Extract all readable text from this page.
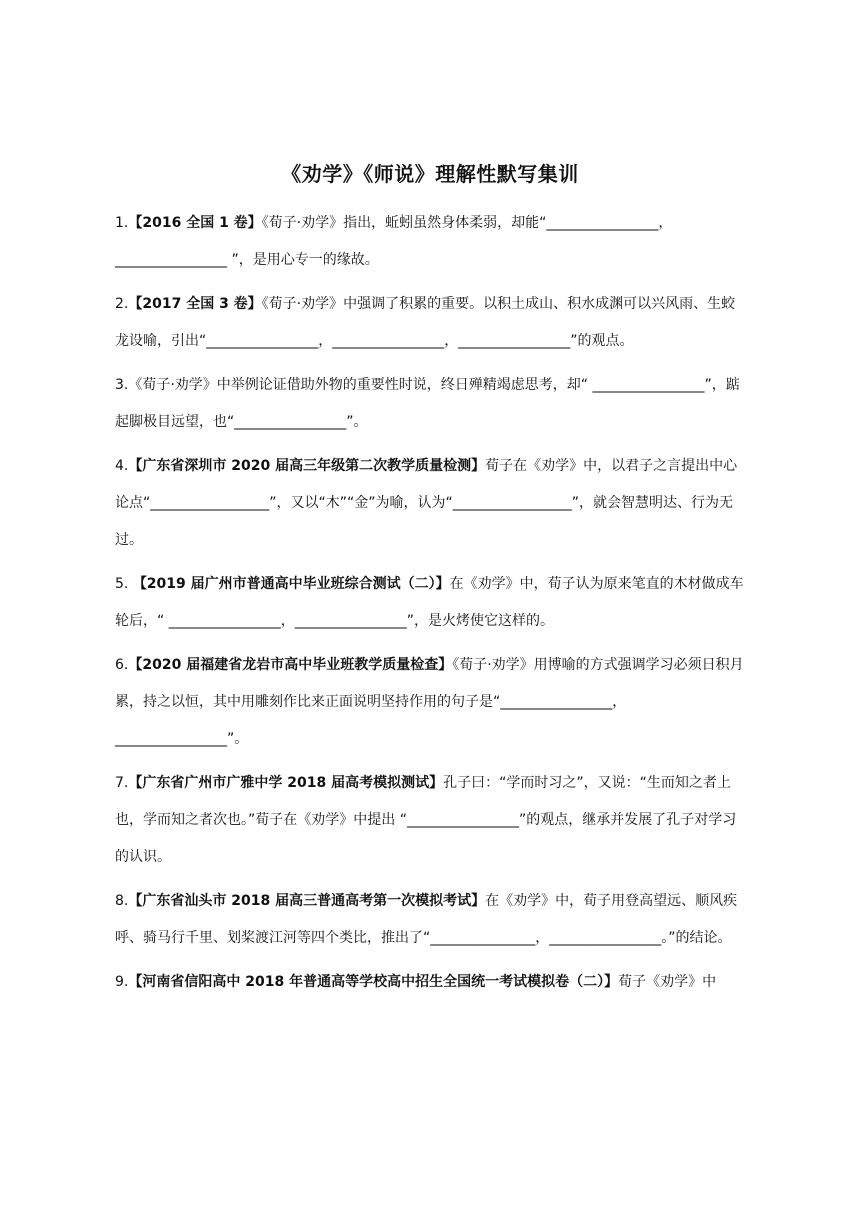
《劝学》《师说》理解性默写集训
1.【2016 全国 1 卷】《荀子·劝学》指出，蚯蚓虽然身体柔弱，却能“________________，________________ ”，是用心专一的缘故。
2.【2017 全国 3 卷】《荀子·劝学》中强调了积累的重要。以积土成山、积水成渊可以兴风雨、生蛟龙设喻，引出“________________，________________，________________”的观点。
3.《荀子·劝学》中举例论证借助外物的重要性时说，终日殚精竭虑思考，却“ ________________”，踮起脚极目远望，也“________________”。
4.【广东省深圳市 2020 届高三年级第二次教学质量检测】荀子在《劝学》中，以君子之言提出中心论点“_________________”，又以“木”“金”为喻，认为“_________________”，就会智慧明达、行为无过。
5. 【2019 届广州市普通高中毕业班综合测试（二）】在《劝学》中，荀子认为原来笔直的木材做成车轮后，“ ________________，________________”，是火烤使它这样的。
6.【2020 届福建省龙岩市高中毕业班教学质量检查】《荀子·劝学》用博喻的方式强调学习必须日积月累，持之以恒，其中用雕刻作比来正面说明坚持作用的句子是“________________，________________”。
7.【广东省广州市广雅中学 2018 届高考模拟测试】孔子曰：“学而时习之”，又说：“生而知之者上也，学而知之者次也。”荀子在《劝学》中提出 “________________”的观点，继承并发展了孔子对学习的认识。
8.【广东省汕头市 2018 届高三普通高考第一次模拟考试】在《劝学》中，荀子用登高望远、顺风疾呼、骑马行千里、划桨渡江河等四个类比，推出了“_______________，________________。”的结论。
9.【河南省信阳高中 2018 年普通高等学校高中招生全国统一考试模拟卷（二）】荀子《劝学》中
